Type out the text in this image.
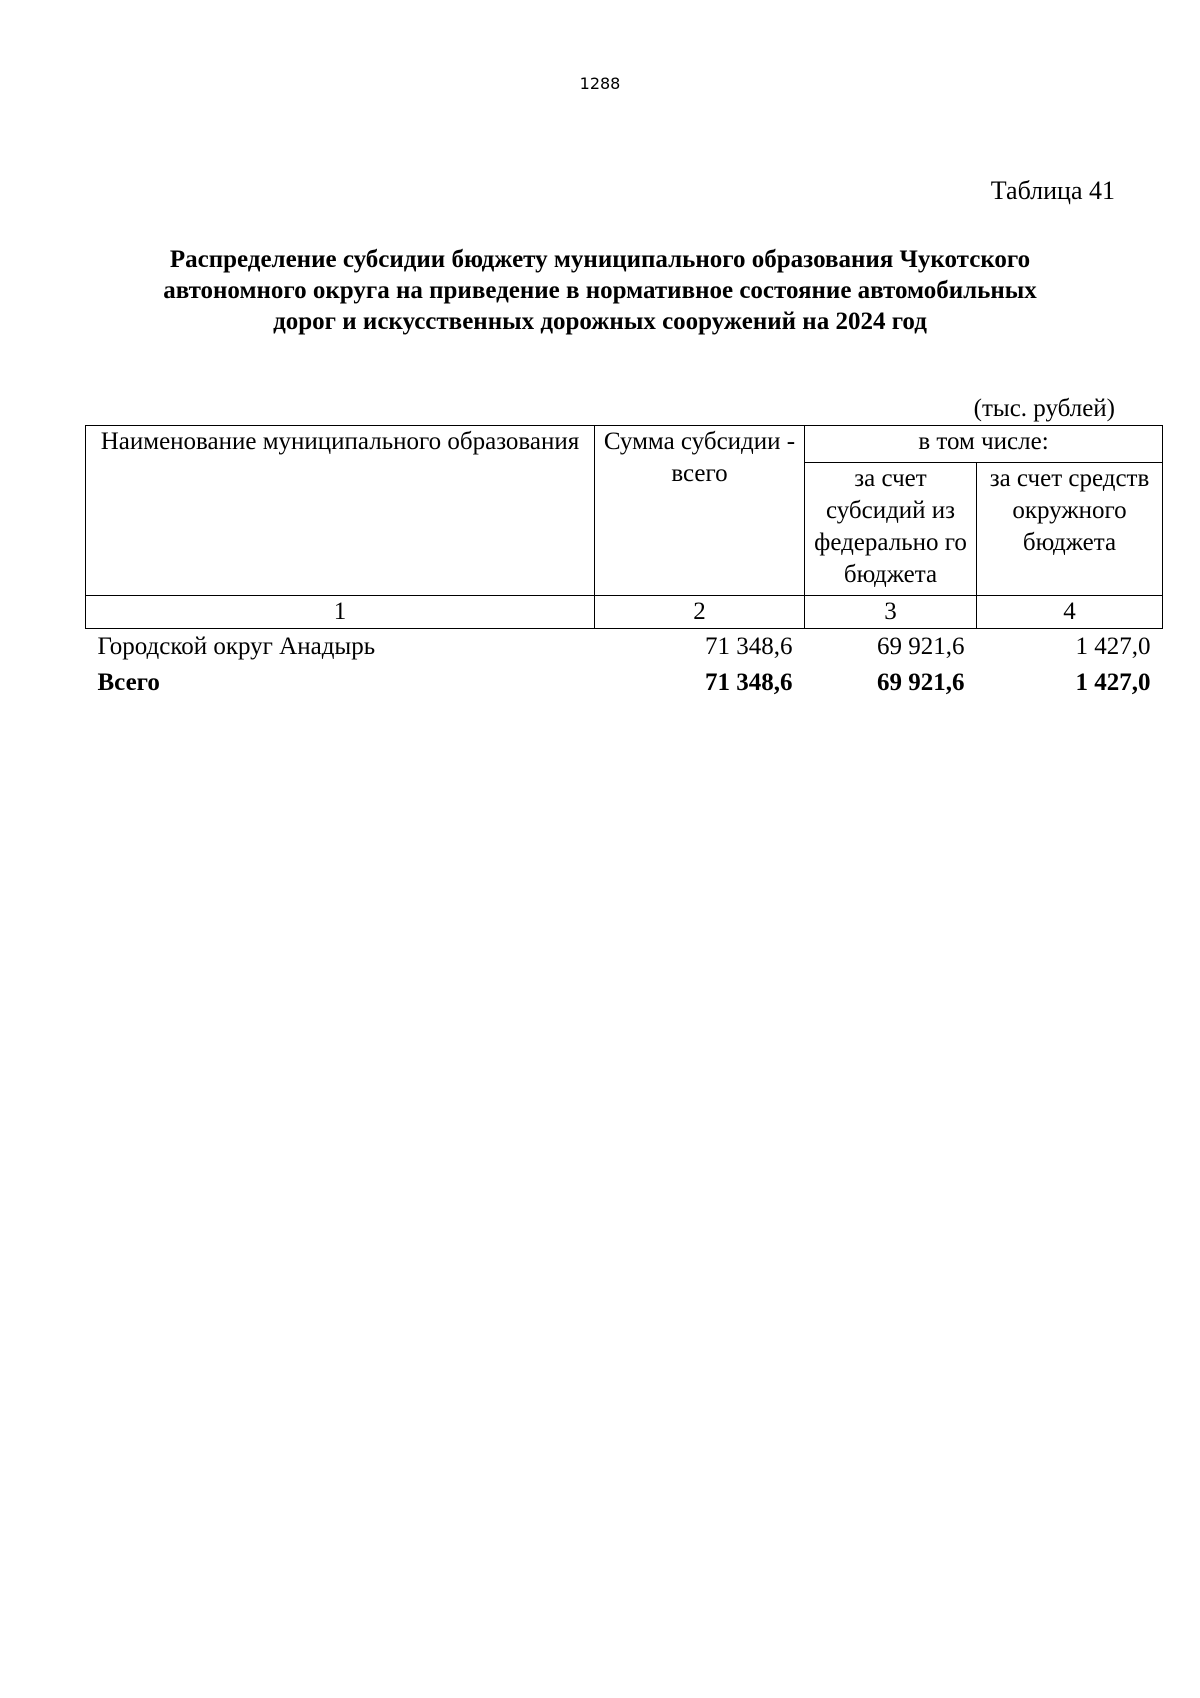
1288
Таблица 41
Распределение субсидии бюджету муниципального образования Чукотского
автономного округа на приведение в нормативное состояние автомобильных
дорог и искусственных дорожных сооружений на 2024 год
(тыс. рублей)
Наименование муниципального образования	Сумма субсидии - всего	в том числе:	
		за счет субсидий из федерально го бюджета	за счет средств окружного бюджета
1	2	3	4
Городской округ Анадырь	71 348,6	69 921,6	1 427,0
Всего	71 348,6	69 921,6	1 427,0
